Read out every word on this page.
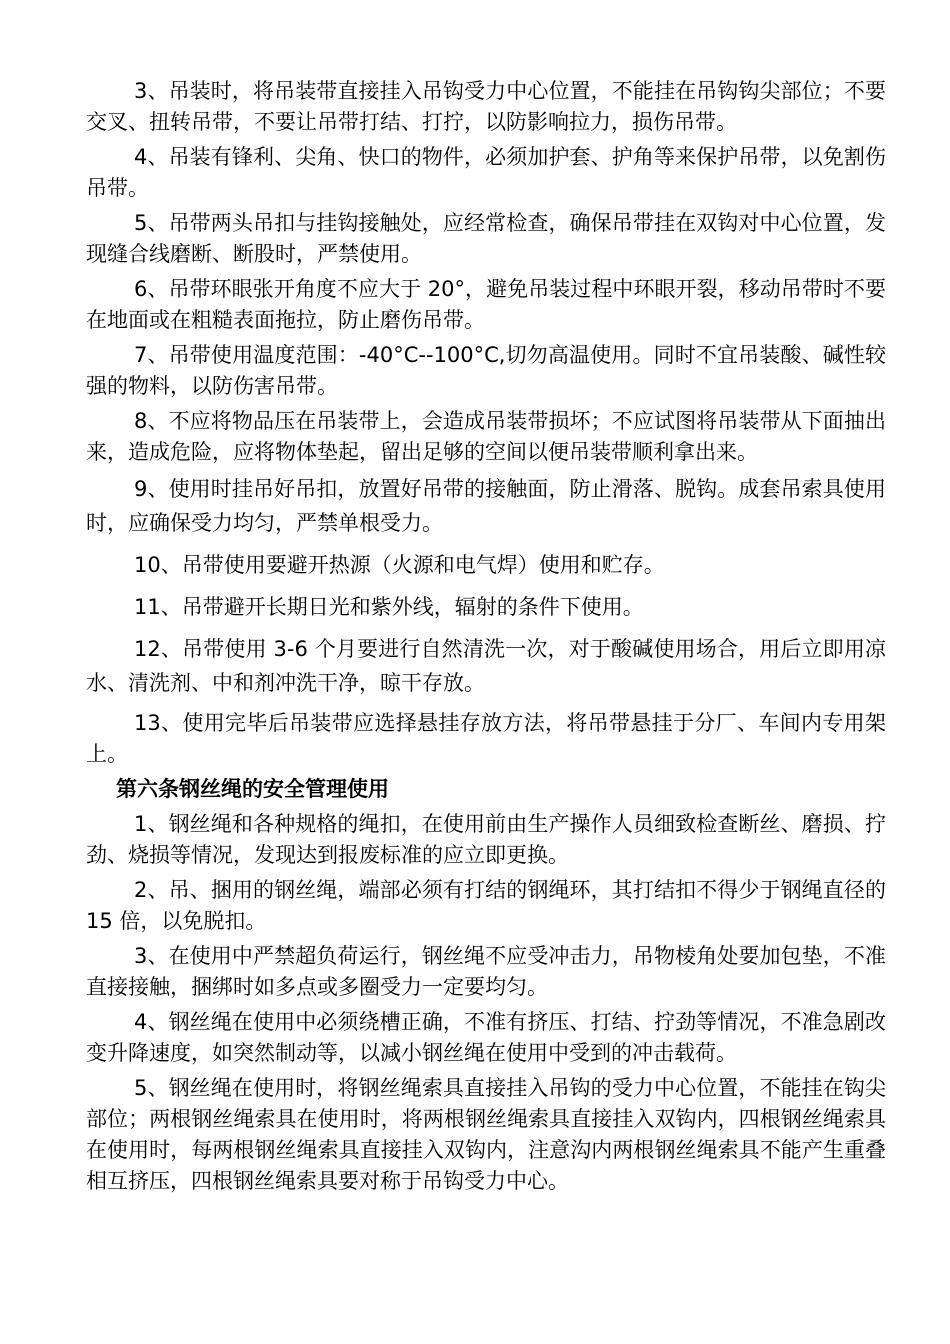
3、吊装时，将吊装带直接挂入吊钩受力中心位置，不能挂在吊钩钩尖部位；不要交叉、扭转吊带，不要让吊带打结、打拧，以防影响拉力，损伤吊带。

4、吊装有锋利、尖角、快口的物件，必须加护套、护角等来保护吊带，以免割伤吊带。

5、吊带两头吊扣与挂钩接触处，应经常检查，确保吊带挂在双钩对中心位置，发现缝合线磨断、断股时，严禁使用。

6、吊带环眼张开角度不应大于 20°，避免吊装过程中环眼开裂，移动吊带时不要在地面或在粗糙表面拖拉，防止磨伤吊带。

7、吊带使用温度范围：-40°C--100°C,切勿高温使用。同时不宜吊装酸、碱性较强的物料，以防伤害吊带。

8、不应将物品压在吊装带上，会造成吊装带损坏；不应试图将吊装带从下面抽出来，造成危险，应将物体垫起，留出足够的空间以便吊装带顺利拿出来。

9、使用时挂吊好吊扣，放置好吊带的接触面，防止滑落、脱钩。成套吊索具使用时，应确保受力均匀，严禁单根受力。

10、吊带使用要避开热源（火源和电气焊）使用和贮存。

11、吊带避开长期日光和紫外线，辐射的条件下使用。

12、吊带使用 3-6 个月要进行自然清洗一次，对于酸碱使用场合，用后立即用凉水、清洗剂、中和剂冲洗干净，晾干存放。

13、使用完毕后吊装带应选择悬挂存放方法，将吊带悬挂于分厂、车间内专用架上。

第六条钢丝绳的安全管理使用

1、钢丝绳和各种规格的绳扣，在使用前由生产操作人员细致检查断丝、磨损、拧劲、烧损等情况，发现达到报废标准的应立即更换。

2、吊、捆用的钢丝绳，端部必须有打结的钢绳环，其打结扣不得少于钢绳直径的 15 倍，以免脱扣。

3、在使用中严禁超负荷运行，钢丝绳不应受冲击力，吊物棱角处要加包垫，不准直接接触，捆绑时如多点或多圈受力一定要均匀。

4、钢丝绳在使用中必须绕槽正确，不准有挤压、打结、拧劲等情况，不准急剧改变升降速度，如突然制动等，以减小钢丝绳在使用中受到的冲击载荷。

5、钢丝绳在使用时，将钢丝绳索具直接挂入吊钩的受力中心位置，不能挂在钩尖部位；两根钢丝绳索具在使用时，将两根钢丝绳索具直接挂入双钩内，四根钢丝绳索具在使用时，每两根钢丝绳索具直接挂入双钩内，注意沟内两根钢丝绳索具不能产生重叠相互挤压，四根钢丝绳索具要对称于吊钩受力中心。
